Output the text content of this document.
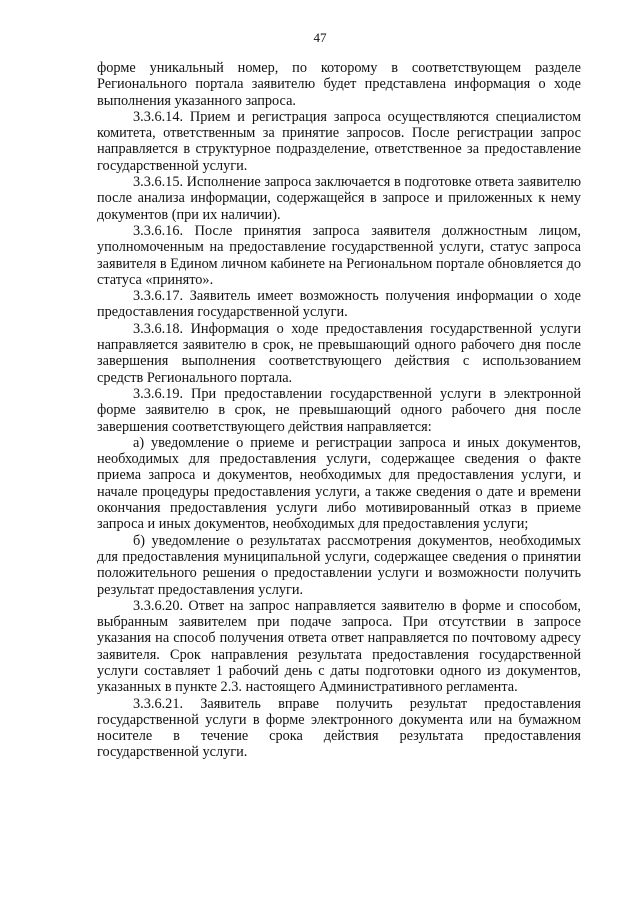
47

форме уникальный номер, по которому в соответствующем разделе Регионального портала заявителю будет представлена информация о ходе выполнения указанного запроса.

3.3.6.14. Прием и регистрация запроса осуществляются специалистом комитета, ответственным за принятие запросов. После регистрации запрос направляется в структурное подразделение, ответственное за предоставление государственной услуги.

3.3.6.15. Исполнение запроса заключается в подготовке ответа заявителю после анализа информации, содержащейся в запросе и приложенных к нему документов (при их наличии).

3.3.6.16. После принятия запроса заявителя должностным лицом, уполномоченным на предоставление государственной услуги, статус запроса заявителя в Едином личном кабинете на Региональном портале обновляется до статуса «принято».

3.3.6.17. Заявитель имеет возможность получения информации о ходе предоставления государственной услуги.

3.3.6.18. Информация о ходе предоставления государственной услуги направляется заявителю в срок, не превышающий одного рабочего дня после завершения выполнения соответствующего действия с использованием средств Регионального портала.

3.3.6.19. При предоставлении государственной услуги в электронной форме заявителю в срок, не превышающий одного рабочего дня после завершения соответствующего действия направляется:

а) уведомление о приеме и регистрации запроса и иных документов, необходимых для предоставления услуги, содержащее сведения о факте приема запроса и документов, необходимых для предоставления услуги, и начале процедуры предоставления услуги, а также сведения о дате и времени окончания предоставления услуги либо мотивированный отказ в приеме запроса и иных документов, необходимых для предоставления услуги;

б) уведомление о результатах рассмотрения документов, необходимых для предоставления муниципальной услуги, содержащее сведения о принятии положительного решения о предоставлении услуги и возможности получить результат предоставления услуги.

3.3.6.20. Ответ на запрос направляется заявителю в форме и способом, выбранным заявителем при подаче запроса. При отсутствии в запросе указания на способ получения ответа ответ направляется по почтовому адресу заявителя. Срок направления результата предоставления государственной услуги составляет 1 рабочий день с даты подготовки одного из документов, указанных в пункте 2.3. настоящего Административного регламента.

3.3.6.21. Заявитель вправе получить результат предоставления государственной услуги в форме электронного документа или на бумажном носителе в течение срока действия результата предоставления государственной услуги.
